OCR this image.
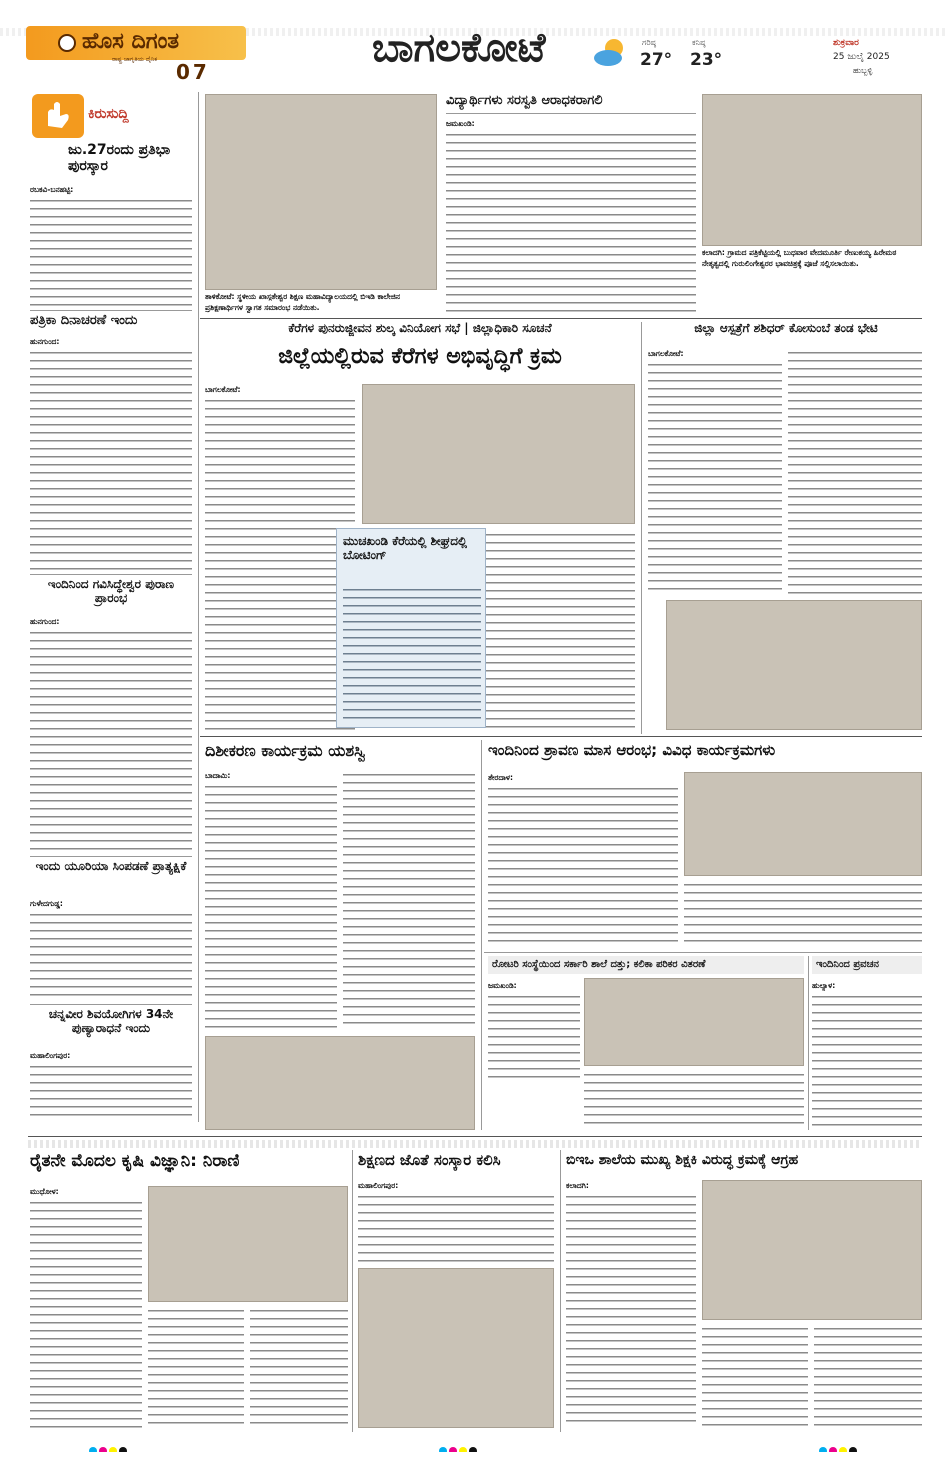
ಹೊಸ ದಿಗಂತ
ರಾಷ್ಟ್ರ ಜಾಗೃತಿಯ ದೈನಿಕ
07
ಬಾಗಲಕೋಟೆ	ಗರಿಷ್ಠ
27°
ಕನಿಷ್ಠ
23°
ಶುಕ್ರವಾರ
25 ಜುಲೈ 2025
ಹುಬ್ಬಳ್ಳಿ
ಕಿರುಸುದ್ದಿ
ಜು.27ರಂದು ಪ್ರತಿಭಾ ಪುರಸ್ಕಾರ
ರಬಕವಿ-ಬನಹಟ್ಟಿ:
ಪತ್ರಿಕಾ ದಿನಾಚರಣೆ ಇಂದು
ಹುನಗುಂದ:
ಇಂದಿನಿಂದ ಗವಿಸಿದ್ಧೇಶ್ವರ ಪುರಾಣ ಪ್ರಾರಂಭ
ಹುನಗುಂದ:
ಇಂದು ಯೂರಿಯಾ ಸಿಂಪಡಣೆ ಪ್ರಾತ್ಯಕ್ಷಿಕೆ
ಗುಳೇದಗುಡ್ಡ:
ಚನ್ನವೀರ ಶಿವಯೋಗಿಗಳ 34ನೇ ಪುಣ್ಯಾರಾಧನೆ ಇಂದು
ಮಹಾಲಿಂಗಪುರ:
ತಾಳಿಕೋಟೆ: ಸ್ಥಳೀಯ ಖಾಸ್ಗತೇಶ್ವರ ಶಿಕ್ಷಣ ಮಹಾವಿದ್ಯಾಲಯದಲ್ಲಿ ಬಿಇಡಿ ಕಾಲೇಜಿನ ಪ್ರಶಿಕ್ಷಣಾರ್ಥಿಗಳ ಸ್ವಾಗತ ಸಮಾರಂಭ ನಡೆಯಿತು.
ವಿದ್ಯಾರ್ಥಿಗಳು ಸರಸ್ವತಿ ಆರಾಧಕರಾಗಲಿ
ಜಮಖಂಡಿ:
ಕಲಾದಗಿ: ಗ್ರಾಮದ ಪತ್ರಿಕೆಟ್ಟಿಯಲ್ಲಿ ಬುಧವಾರ ವೇದಮೂರ್ತಿ ರೇಣುಕಯ್ಯ ಹಿರೇಮಠ ನೇತೃತ್ವದಲ್ಲಿ ಗುರುಲಿಂಗೇಶ್ವರರ ಭಾವಚಿತ್ರಕ್ಕೆ ಪೂಜೆ ಸಲ್ಲಿಸಲಾಯಿತು.
ಕೆರೆಗಳ ಪುನರುಜ್ಜೀವನ ಶುಲ್ಕ ವಿನಿಯೋಗ ಸಭೆ | ಜಿಲ್ಲಾಧಿಕಾರಿ ಸೂಚನೆ
ಜಿಲ್ಲೆಯಲ್ಲಿರುವ ಕೆರೆಗಳ ಅಭಿವೃದ್ಧಿಗೆ ಕ್ರಮ
ಬಾಗಲಕೋಟೆ:
ಮುಚಖಂಡಿ ಕೆರೆಯಲ್ಲಿ ಶೀಘ್ರದಲ್ಲಿ ಬೋಟಿಂಗ್
ಜಿಲ್ಲಾ ಆಸ್ಪತ್ರೆಗೆ ಶಶಿಧರ್ ಕೋಸುಂಬೆ ತಂಡ ಭೇಟಿ
ಬಾಗಲಕೋಟೆ:
ದಿಶೀಕರಣ ಕಾರ್ಯಕ್ರಮ ಯಶಸ್ವಿ
ಬಾದಾಮಿ:
ಇಂದಿನಿಂದ ಶ್ರಾವಣ ಮಾಸ ಆರಂಭ; ವಿವಿಧ ಕಾರ್ಯಕ್ರಮಗಳು
ತೇರದಾಳ:
ರೋಟರಿ ಸಂಸ್ಥೆಯಿಂದ ಸರ್ಕಾರಿ ಶಾಲೆ ದತ್ತು; ಕಲಿಕಾ ಪರಿಕರ ವಿತರಣೆ
ಜಮಖಂಡಿ:
ಇಂದಿನಿಂದ ಪ್ರವಚನ
ಹುಲ್ಯಾಳ:
ರೈತನೇ ಮೊದಲ ಕೃಷಿ ವಿಜ್ಞಾನಿ: ನಿರಾಣಿ
ಮುಧೋಳ:
ಶಿಕ್ಷಣದ ಜೊತೆ ಸಂಸ್ಕಾರ ಕಲಿಸಿ
ಮಹಾಲಿಂಗಪುರ:
ಬಿಇಒ ಶಾಲೆಯ ಮುಖ್ಯ ಶಿಕ್ಷಕಿ ವಿರುದ್ಧ ಕ್ರಮಕ್ಕೆ ಆಗ್ರಹ
ಕಲಾದಗಿ:
